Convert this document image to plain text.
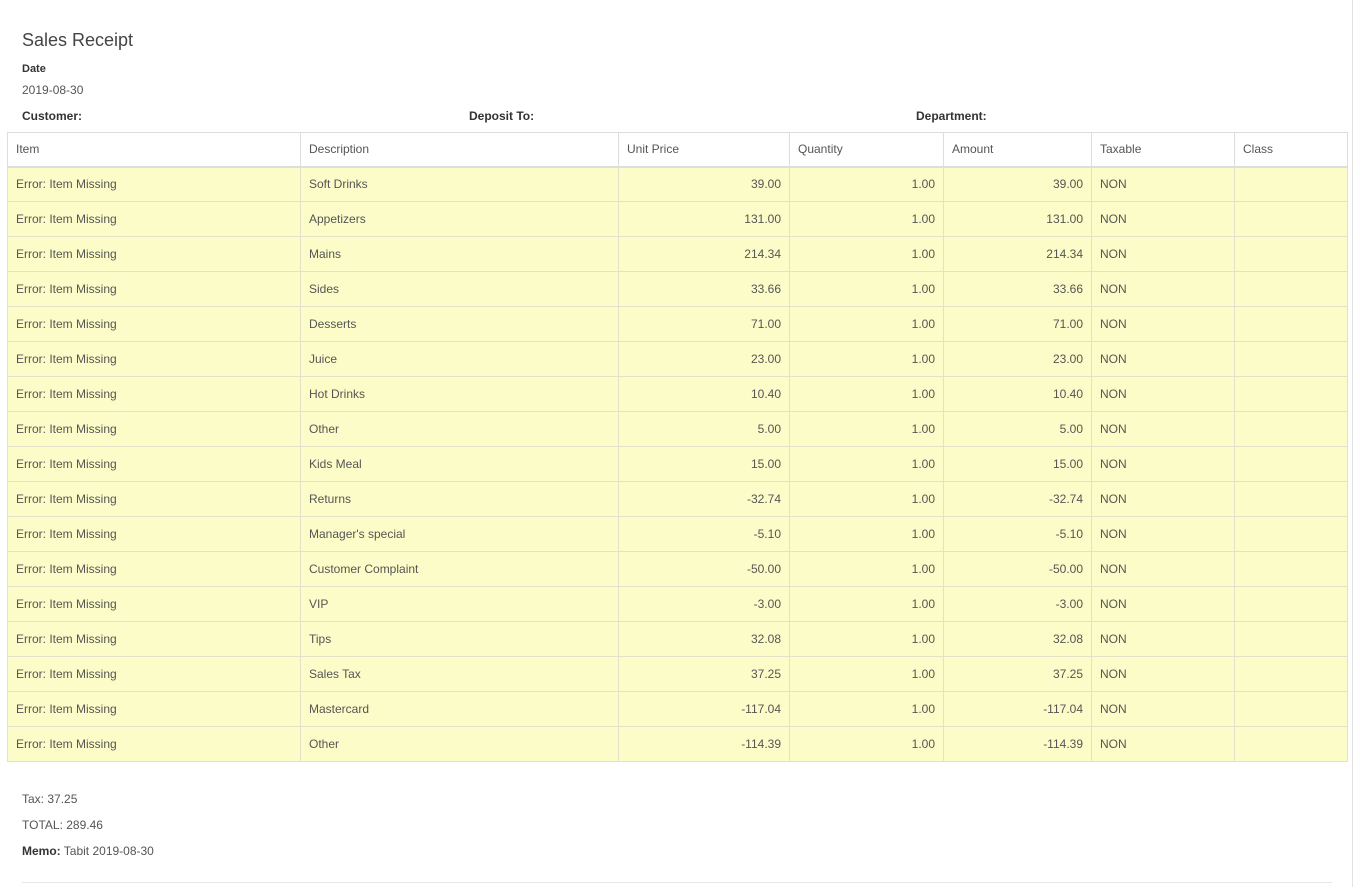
Sales Receipt
Date
2019-08-30
Customer:	Deposit To:	Department:
Item	Description	Unit Price	Quantity	Amount	Taxable	Class
Error: Item Missing	Soft Drinks	39.00	1.00	39.00	NON	
Error: Item Missing	Appetizers	131.00	1.00	131.00	NON	
Error: Item Missing	Mains	214.34	1.00	214.34	NON	
Error: Item Missing	Sides	33.66	1.00	33.66	NON	
Error: Item Missing	Desserts	71.00	1.00	71.00	NON	
Error: Item Missing	Juice	23.00	1.00	23.00	NON	
Error: Item Missing	Hot Drinks	10.40	1.00	10.40	NON	
Error: Item Missing	Other	5.00	1.00	5.00	NON	
Error: Item Missing	Kids Meal	15.00	1.00	15.00	NON	
Error: Item Missing	Returns	-32.74	1.00	-32.74	NON	
Error: Item Missing	Manager's special	-5.10	1.00	-5.10	NON	
Error: Item Missing	Customer Complaint	-50.00	1.00	-50.00	NON	
Error: Item Missing	VIP	-3.00	1.00	-3.00	NON	
Error: Item Missing	Tips	32.08	1.00	32.08	NON	
Error: Item Missing	Sales Tax	37.25	1.00	37.25	NON	
Error: Item Missing	Mastercard	-117.04	1.00	-117.04	NON	
Error: Item Missing	Other	-114.39	1.00	-114.39	NON	
Tax: 37.25
TOTAL: 289.46
Memo: Tabit 2019-08-30
